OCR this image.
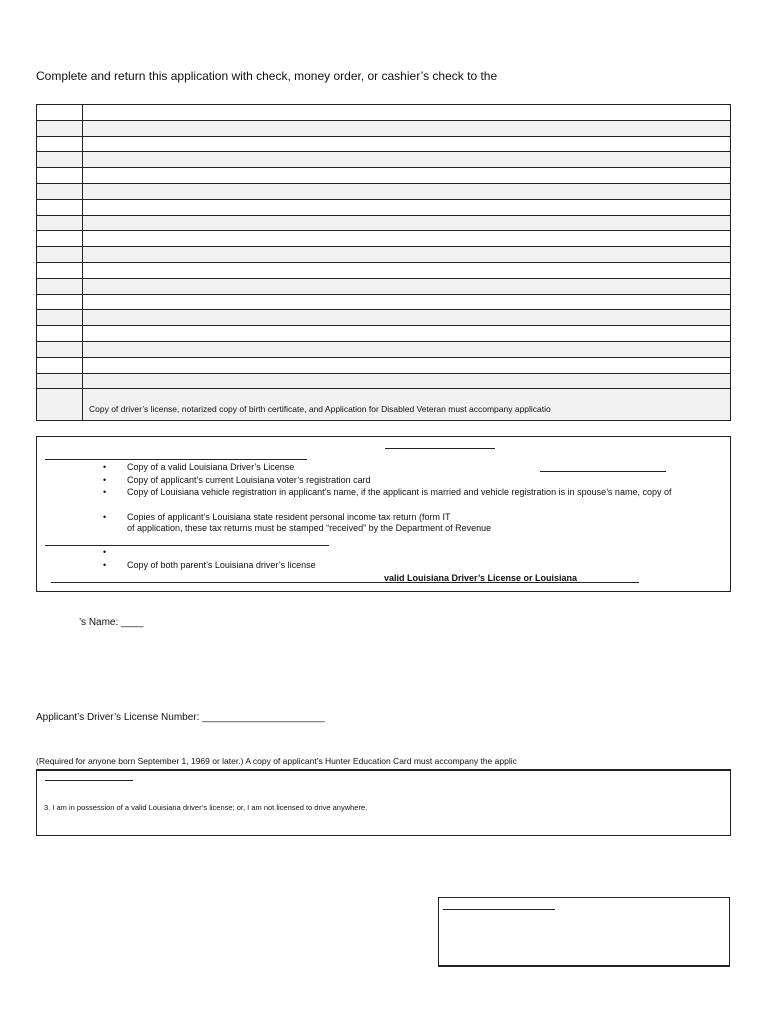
Complete and return this application with check, money order, or cashier’s check to the
Copy of driver’s license, notarized copy of birth certificate, and Application for Disabled Veteran must accompany applicatio
• Copy of a valid Louisiana Driver’s License
• Copy of applicant’s current Louisiana voter’s registration card
• Copy of Louisiana vehicle registration in applicant’s name, if the applicant is married and vehicle registration is in spouse’s name, copy of
• Copies of applicant’s Louisiana state resident personal income tax return (form IT
of application, these tax returns must be stamped “received” by the Department of Revenue
•
• Copy of both parent’s Louisiana driver’s license
valid Louisiana Driver’s License or Louisiana
’s Name: ____
Applicant’s Driver’s License Number: ______________________
(Required for anyone born September 1, 1969 or later.) A copy of applicant’s Hunter Education Card must accompany the applic
3. I am in possession of a valid Louisiana driver’s license; or, I am not licensed to drive anywhere.
